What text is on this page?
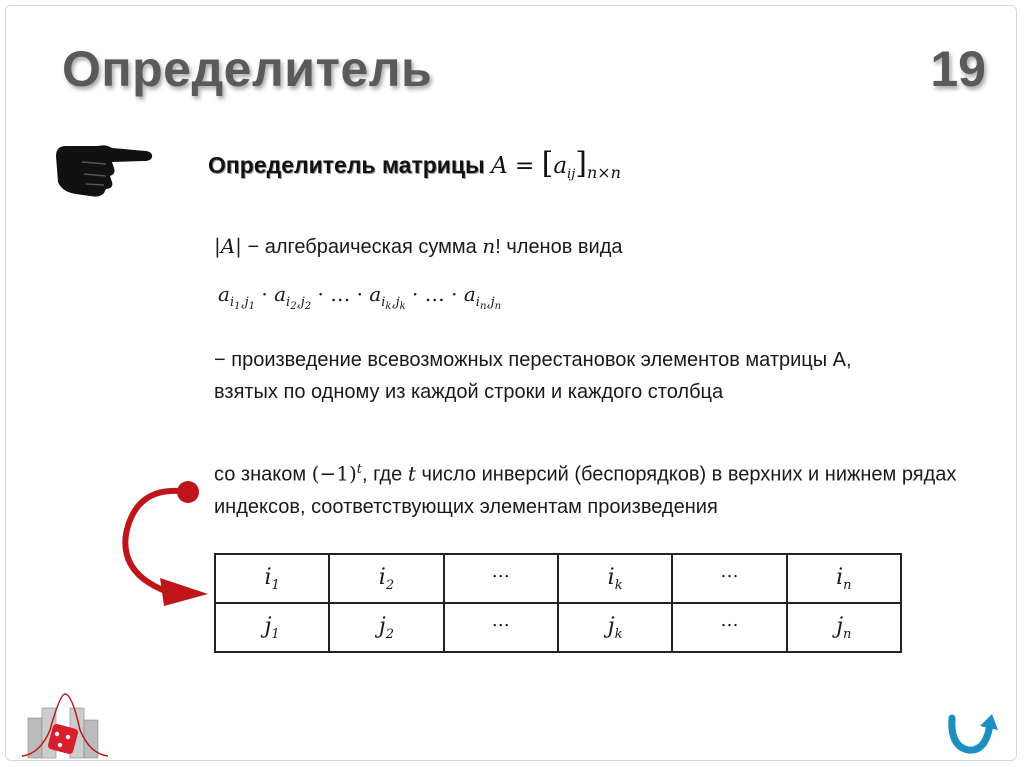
Определитель	19
Определитель матрицы $A = [a_{ij}]_{n\times n}$
|A| − алгебраическая сумма n! членов вида
$a_{i_1,j_1} \cdot a_{i_2,j_2}$ · … · $a_{i_k,j_k}$ · … · $a_{i_n,j_n}$
− произведение всевозможных перестановок элементов матрицы A, взятых по одному из каждой строки и каждого столбца
со знаком $(-1)^t$, где t число инверсий (беспорядков) в верхних и нижнем рядах индексов, соответствующих элементам произведения
$i_1$	$i_2$	…	$i_k$	…	$i_n$
$j_1$	$j_2$	…	$j_k$	…	$j_n$
